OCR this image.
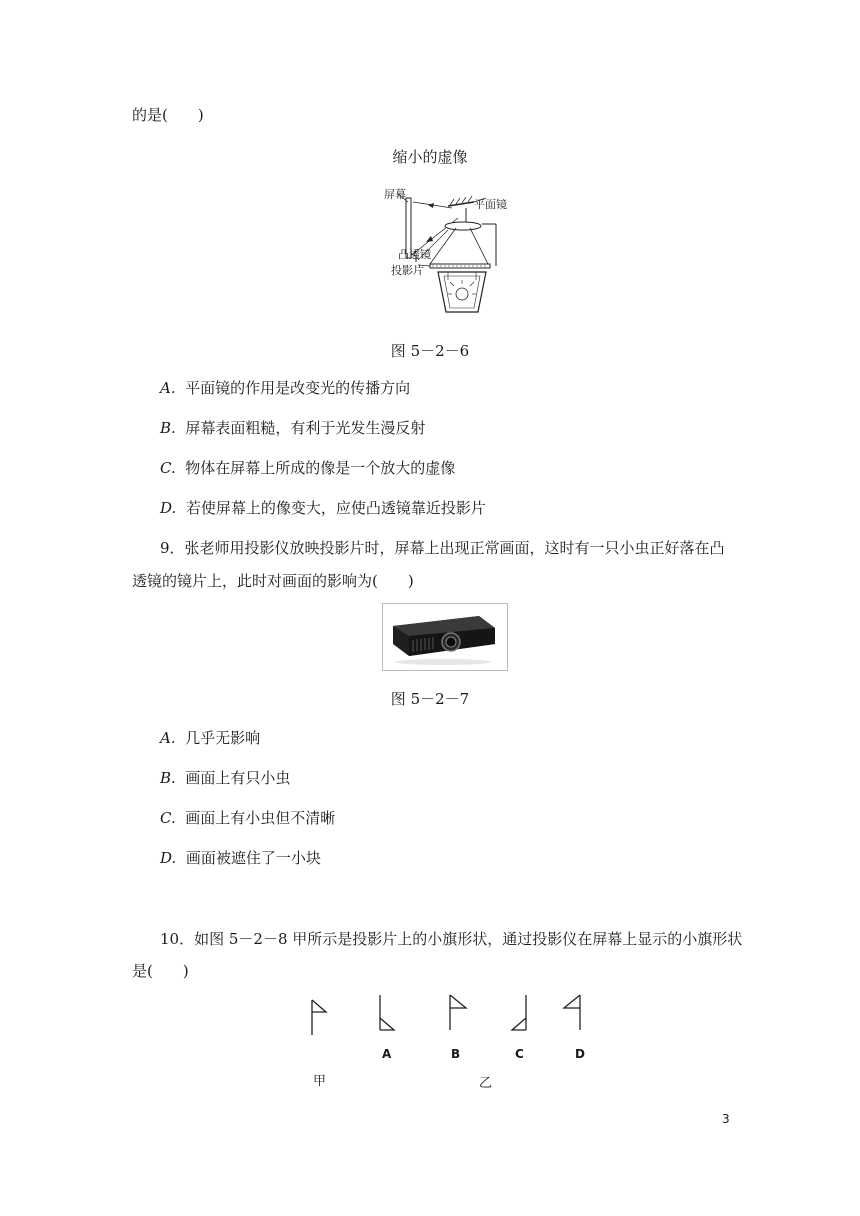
的是(　　)
缩小的虚像
屏幕
平面镜
凸透镜
投影片
图 5－2－6
A. 平面镜的作用是改变光的传播方向
B. 屏幕表面粗糙，有利于光发生漫反射
C. 物体在屏幕上所成的像是一个放大的虚像
D. 若使屏幕上的像变大，应使凸透镜靠近投影片
9．张老师用投影仪放映投影片时，屏幕上出现正常画面，这时有一只小虫正好落在凸
透镜的镜片上，此时对画面的影响为(　　)
图 5－2－7
A. 几乎无影响
B. 画面上有只小虫
C. 画面上有小虫但不清晰
D. 画面被遮住了一小块
10．如图 5－2－8 甲所示是投影片上的小旗形状，通过投影仪在屏幕上显示的小旗形状
是(　　)
A	B	C	D
甲	乙
3
